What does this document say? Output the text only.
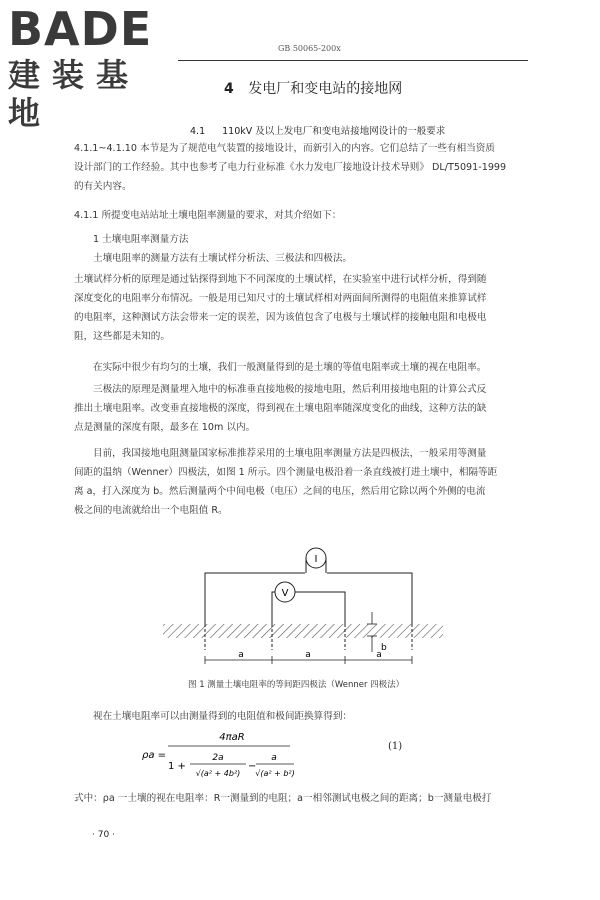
BADE
建装基地
GB 50065-200x
4 发电厂和变电站的接地网
4.1 110kV 及以上发电厂和变电站接地网设计的一般要求
4.1.1~4.1.10 本节是为了规范电气装置的接地设计，而新引入的内容。它们总结了一些有相当资质
设计部门的工作经验。其中也参考了电力行业标准《水力发电厂接地设计技术导则》 DL/T5091-1999
的有关内容。
4.1.1 所提变电站站址土壤电阻率测量的要求，对其介绍如下：
1 土壤电阻率测量方法
土壤电阻率的测量方法有土壤试样分析法、三极法和四极法。
土壤试样分析的原理是通过钻探得到地下不同深度的土壤试样，在实验室中进行试样分析，得到随
深度变化的电阻率分布情况。一般是用已知尺寸的土壤试样相对两面间所测得的电阻值来推算试样
的电阻率，这种测试方法会带来一定的误差，因为该值包含了电极与土壤试样的接触电阻和电极电
阻，这些都是未知的。
在实际中很少有均匀的土壤，我们一般测量得到的是土壤的等值电阻率或土壤的视在电阻率。
三极法的原理是测量埋入地中的标准垂直接地极的接地电阻，然后利用接地电阻的计算公式反
推出土壤电阻率。改变垂直接地极的深度，得到视在土壤电阻率随深度变化的曲线，这种方法的缺
点是测量的深度有限，最多在 10m 以内。
目前，我国接地电阻测量国家标准推荐采用的土壤电阻率测量方法是四极法，一般采用等测量
间距的温纳（Wenner）四极法，如图 1 所示。四个测量电极沿着一条直线被打进土壤中，相隔等距
离 a，打入深度为 b。然后测量两个中间电极（电压）之间的电压，然后用它除以两个外侧的电流
极之间的电流就给出一个电阻值 R。
I
V
a	a	a
b
图 1 测量土壤电阻率的等间距四极法（Wenner 四极法）
视在土壤电阻率可以由测量得到的电阻值和极间距换算得到：
ρa =
4πaR
1 +
2a
√(a² + 4b²)
−
a
√(a² + b²)
(1)
式中：ρa 一土壤的视在电阻率：R一测量到的电阻；a一相邻测试电极之间的距离；b一测量电极打
· 70 ·
